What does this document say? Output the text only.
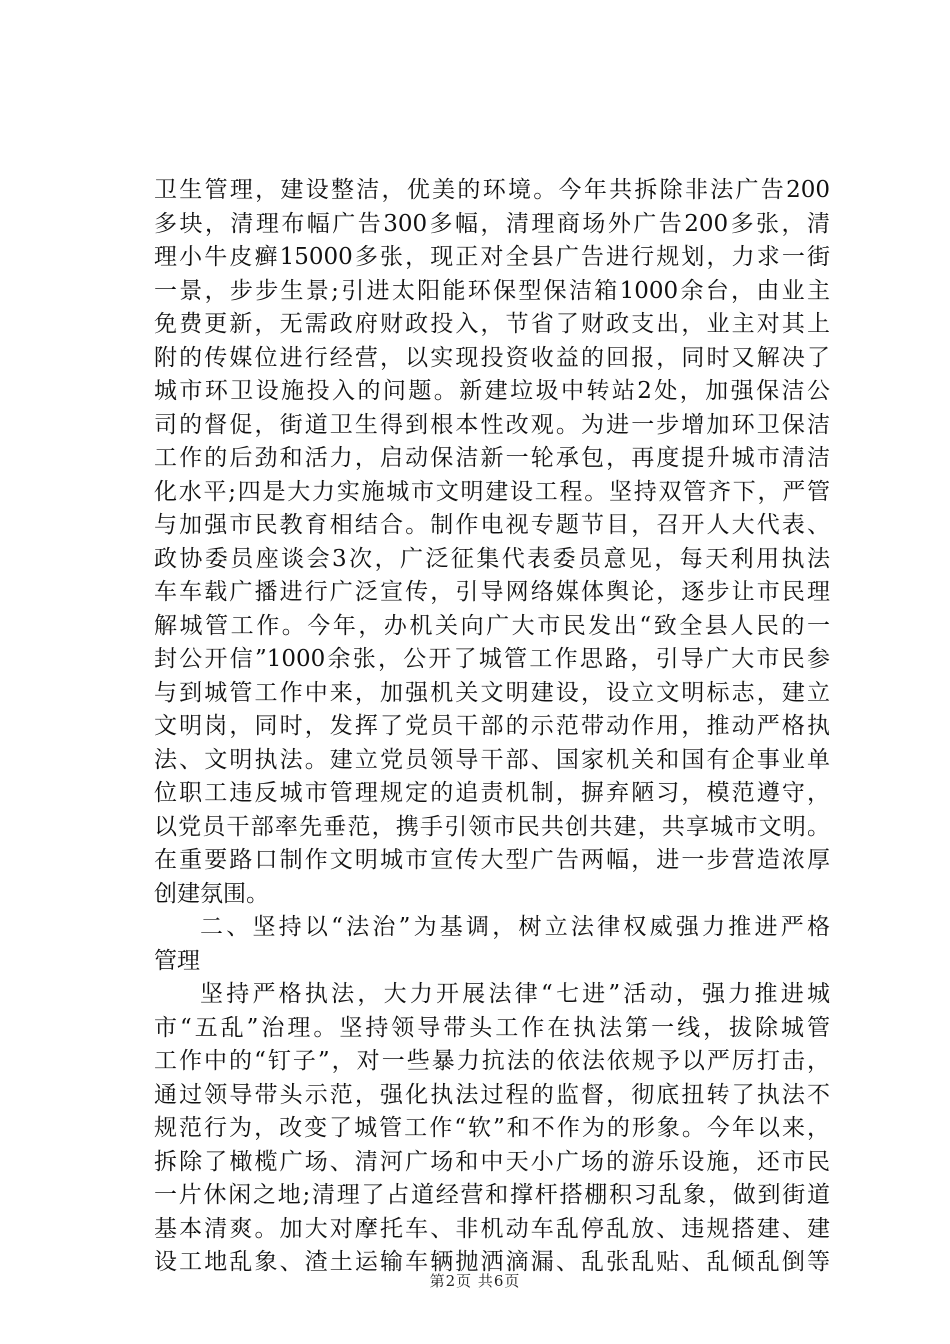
卫生管理，建设整洁，优美的环境。今年共拆除非法广告200
多块，清理布幅广告300多幅，清理商场外广告200多张，清
理小牛皮癣15000多张，现正对全县广告进行规划，力求一街
一景，步步生景;引进太阳能环保型保洁箱1000余台，由业主
免费更新，无需政府财政投入，节省了财政支出，业主对其上
附的传媒位进行经营，以实现投资收益的回报，同时又解决了
城市环卫设施投入的问题。新建垃圾中转站2处，加强保洁公
司的督促，街道卫生得到根本性改观。为进一步增加环卫保洁
工作的后劲和活力，启动保洁新一轮承包，再度提升城市清洁
化水平;四是大力实施城市文明建设工程。坚持双管齐下，严管
与加强市民教育相结合。制作电视专题节目，召开人大代表、
政协委员座谈会3次，广泛征集代表委员意见，每天利用执法
车车载广播进行广泛宣传，引导网络媒体舆论，逐步让市民理
解城管工作。今年，办机关向广大市民发出“致全县人民的一
封公开信”1000余张，公开了城管工作思路，引导广大市民参
与到城管工作中来，加强机关文明建设，设立文明标志，建立
文明岗，同时，发挥了党员干部的示范带动作用，推动严格执
法、文明执法。建立党员领导干部、国家机关和国有企事业单
位职工违反城市管理规定的追责机制，摒弃陋习，模范遵守，
以党员干部率先垂范，携手引领市民共创共建，共享城市文明。
在重要路口制作文明城市宣传大型广告两幅，进一步营造浓厚
创建氛围。
二、坚持以“法治”为基调，树立法律权威强力推进严格
管理
坚持严格执法，大力开展法律“七进”活动，强力推进城
市“五乱”治理。坚持领导带头工作在执法第一线，拔除城管
工作中的“钉子”，对一些暴力抗法的依法依规予以严厉打击，
通过领导带头示范，强化执法过程的监督，彻底扭转了执法不
规范行为，改变了城管工作“软”和不作为的形象。今年以来，
拆除了橄榄广场、清河广场和中天小广场的游乐设施，还市民
一片休闲之地;清理了占道经营和撑杆搭棚积习乱象，做到街道
基本清爽。加大对摩托车、非机动车乱停乱放、违规搭建、建
设工地乱象、渣土运输车辆抛洒滴漏、乱张乱贴、乱倾乱倒等
第2页 共6页
